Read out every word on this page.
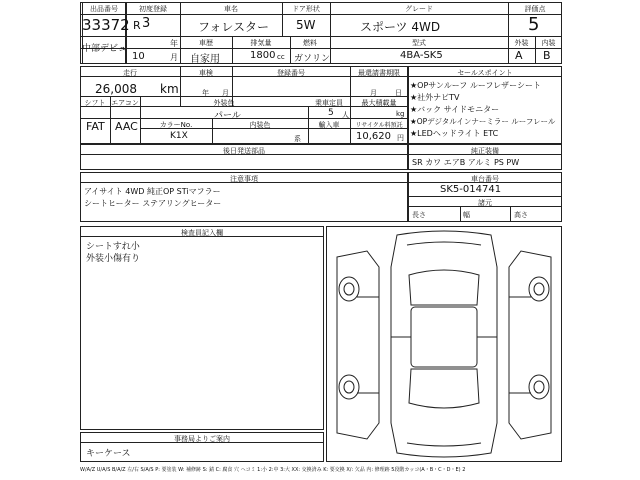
出品番号
33372
中部デビュ
初度登録
R 3
年
10	月
車名
フォレスター
ドア形状
5W
グレード
スポーツ 4WD
評価点
5
車歴
自家用
排気量
1800 cc
燃料
ガソリン
型式
4BA-SK5
外装	内装
A B
走行
26,008 km
車検
年 月
登録番号	最還請書期限
月	日
シフト
FAT
エアコン
AAC
外装色
パール
乗車定員
5 人
最大積載量
kg
カラーNo.
K1X
内装色	輸入車
系
リサイクル料預託
10,620 円
セールスポイント
★OPサンルーフ ルーフレザーシート
★社外ナビTV
★バック サイドモニター
★OPデジタルインナーミラー ルーフレール
★LEDヘッドライト ETC
後日発送部品	純正装備
SR カワ エアB アルミ PS PW
注意事項
アイサイト 4WD 純正OP STiマフラー
シートヒーター ステアリングヒーター
車台番号
SK5-014741
諸元
長さ	幅	高さ
検査員記入欄
シートすれ小
外装小傷有り
事務局よりご案内
キーケース
W/A/Z U/A/S B/A/Z 左/右 S/A/S P: 要塗装 W: 補修跡 S: 錆 C: 腐食 穴 ヘコミ 1:小 2:中 3:大 XX: 交換済み K: 要交換 X/: 欠品 内: 修理跡 5段階カッコ(A・B・C・D・E) 2
